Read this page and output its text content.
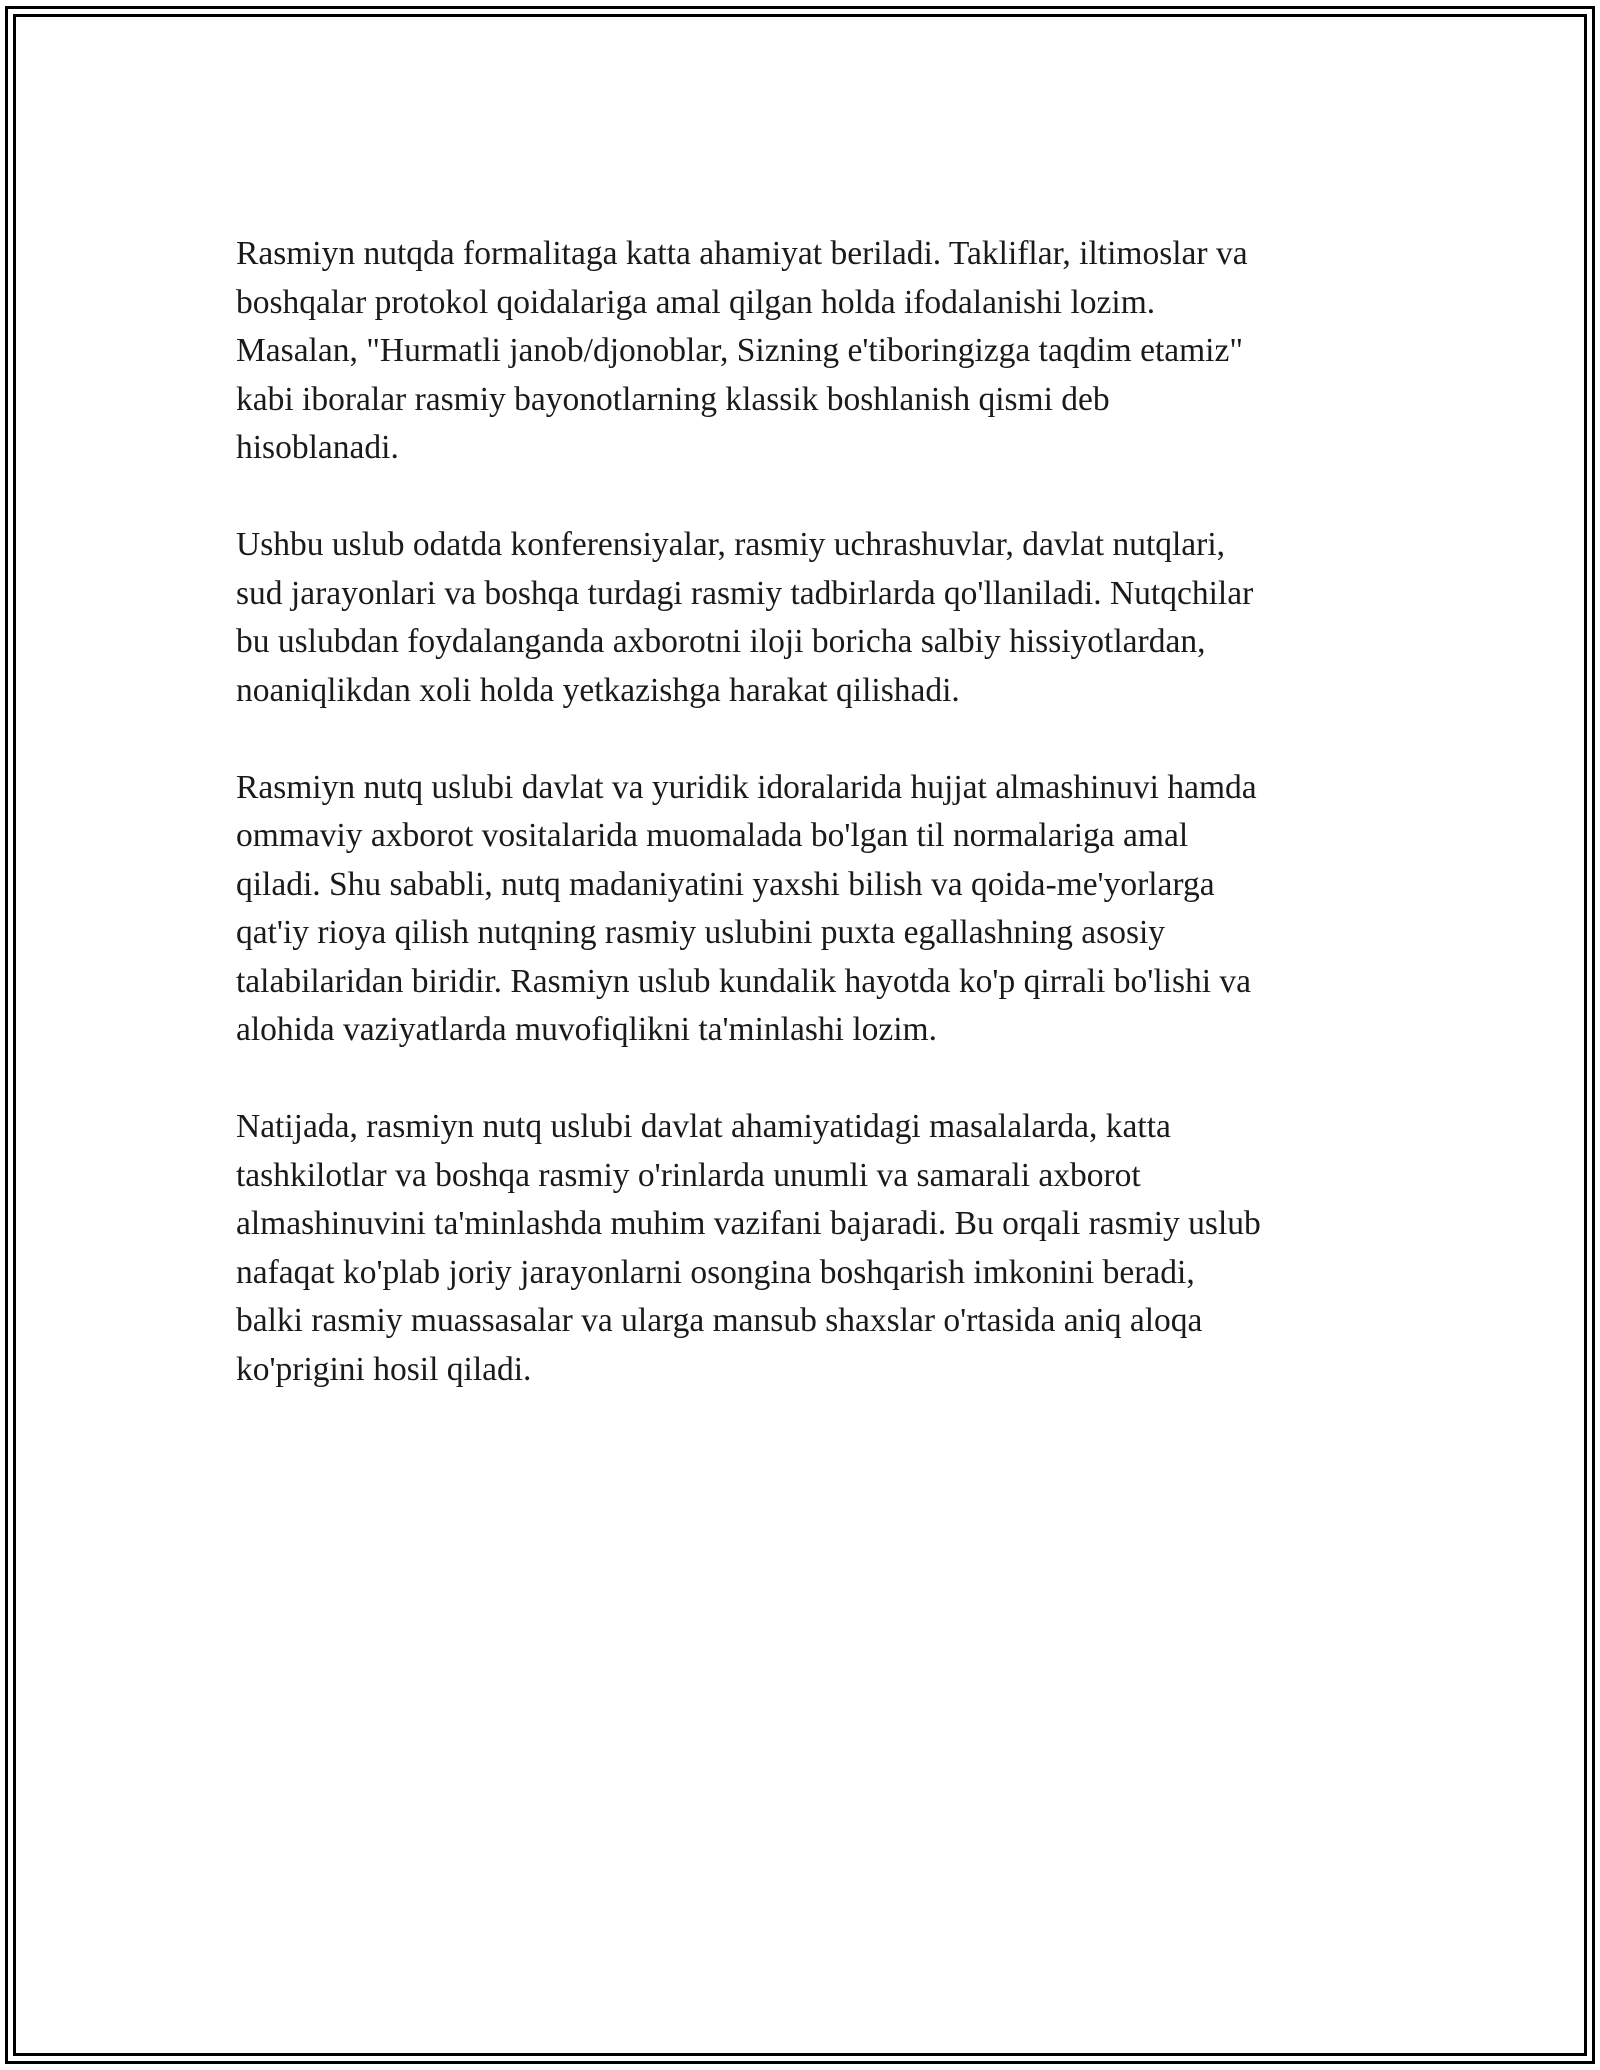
Rasmiyn nutqda formalitaga katta ahamiyat beriladi. Takliflar, iltimoslar va
boshqalar protokol qoidalariga amal qilgan holda ifodalanishi lozim.
Masalan, "Hurmatli janob/djonoblar, Sizning e'tiboringizga taqdim etamiz"
kabi iboralar rasmiy bayonotlarning klassik boshlanish qismi deb
hisoblanadi.

Ushbu uslub odatda konferensiyalar, rasmiy uchrashuvlar, davlat nutqlari,
sud jarayonlari va boshqa turdagi rasmiy tadbirlarda qo'llaniladi. Nutqchilar
bu uslubdan foydalanganda axborotni iloji boricha salbiy hissiyotlardan,
noaniqlikdan xoli holda yetkazishga harakat qilishadi.

Rasmiyn nutq uslubi davlat va yuridik idoralarida hujjat almashinuvi hamda
ommaviy axborot vositalarida muomalada bo'lgan til normalariga amal
qiladi. Shu sababli, nutq madaniyatini yaxshi bilish va qoida-me'yorlarga
qat'iy rioya qilish nutqning rasmiy uslubini puxta egallashning asosiy
talabilaridan biridir. Rasmiyn uslub kundalik hayotda ko'p qirrali bo'lishi va
alohida vaziyatlarda muvofiqlikni ta'minlashi lozim.

Natijada, rasmiyn nutq uslubi davlat ahamiyatidagi masalalarda, katta
tashkilotlar va boshqa rasmiy o'rinlarda unumli va samarali axborot
almashinuvini ta'minlashda muhim vazifani bajaradi. Bu orqali rasmiy uslub
nafaqat ko'plab joriy jarayonlarni osongina boshqarish imkonini beradi,
balki rasmiy muassasalar va ularga mansub shaxslar o'rtasida aniq aloqa
ko'prigini hosil qiladi.
